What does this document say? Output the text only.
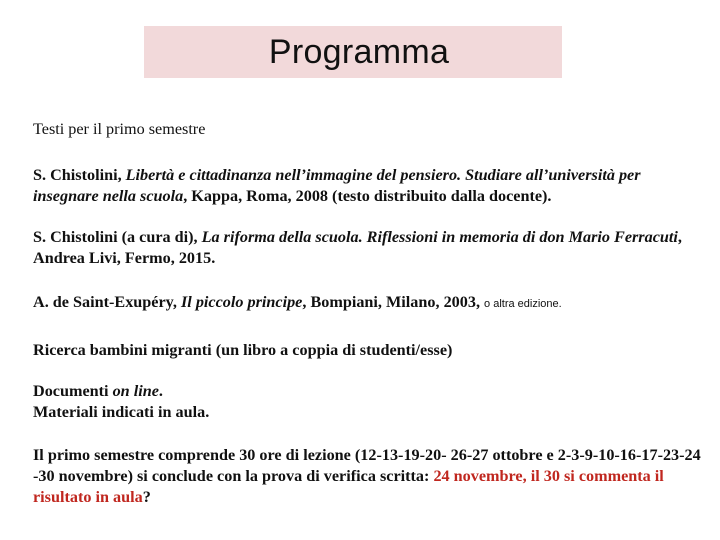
Programma

Testi per il primo semestre

S. Chistolini, Libertà e cittadinanza nell’immagine del pensiero. Studiare all’università per insegnare nella scuola, Kappa, Roma, 2008 (testo distribuito dalla docente).

S. Chistolini (a cura di), La riforma della scuola. Riflessioni in memoria di don Mario Ferracuti, Andrea Livi, Fermo, 2015.

A. de Saint-Exupéry, Il piccolo principe, Bompiani, Milano, 2003, o altra edizione.

Ricerca bambini migranti (un libro a coppia di studenti/esse)

Documenti on line.

Materiali indicati in aula.

Il primo semestre comprende 30 ore di lezione (12-13-19-20- 26-27 ottobre e 2-3-9-10-16-17-23-24 -30 novembre) si conclude con la prova di verifica scritta: 24 novembre, il 30 si commenta il risultato in aula?
